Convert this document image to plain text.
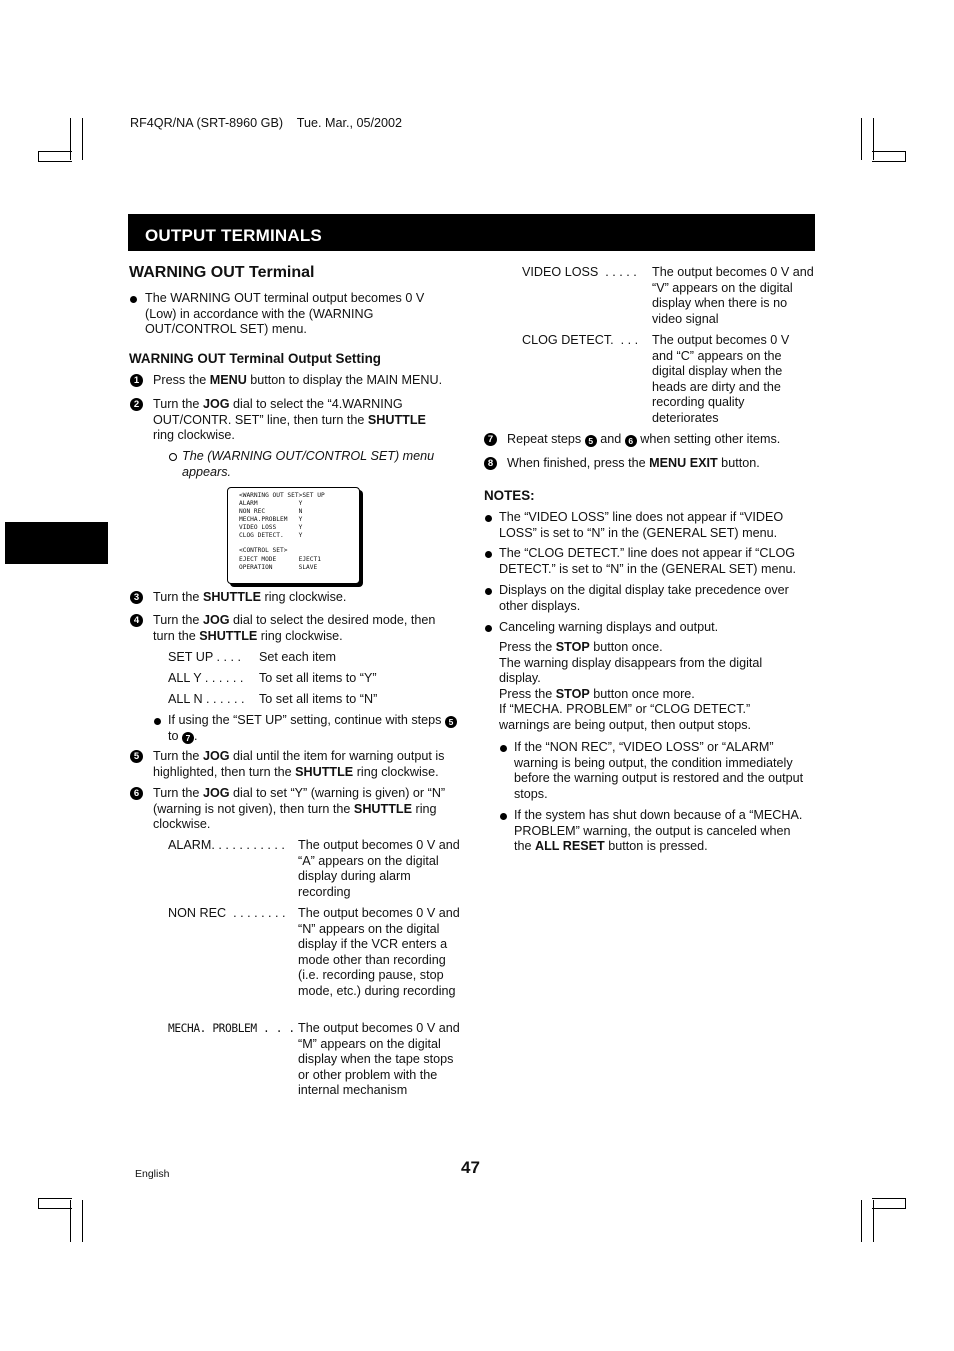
RF4QR/NA (SRT-8960 GB)    Tue. Mar., 05/2002
OUTPUT TERMINALS
WARNING OUT Terminal
The WARNING OUT terminal output becomes 0 V (Low) in accordance with the (WARNING OUT/CONTROL SET) menu.
WARNING OUT Terminal Output Setting
1	Press the MENU button to display the MAIN MENU.
2	Turn the JOG dial to select the “4.WARNING OUT/CONTR. SET” line, then turn the SHUTTLE ring clockwise.
The (WARNING OUT/CONTROL SET) menu appears.
<WARNING OUT SET>SET UP
ALARM           Y
NON REC         N
MECHA.PROBLEM   Y
VIDEO LOSS      Y
CLOG DETECT.    Y
<CONTROL SET>
EJECT MODE      EJECT1
OPERATION       SLAVE
3	Turn the SHUTTLE ring clockwise.
4	Turn the JOG dial to select the desired mode, then turn the SHUTTLE ring clockwise.
SET UP . . . . Set each item
ALL Y . . . . . . To set all items to “Y”
ALL N . . . . . . To set all items to “N”
If using the “SET UP” setting, continue with steps 5 to 7 .
5	Turn the JOG dial until the item for warning output is highlighted, then turn the SHUTTLE ring clockwise.
6	Turn the JOG dial to set “Y” (warning is given) or “N” (warning is not given), then turn the SHUTTLE ring clockwise.
ALARM. . . . . . . . . . . The output becomes 0 V and “A” appears on the digital display during alarm recording
NON REC  . . . . . . . . The output becomes 0 V and “N” appears on the digital display if the VCR enters a mode other than recording (i.e. recording pause, stop mode, etc.) during recording
MECHA. PROBLEM . . . The output becomes 0 V and “M” appears on the digital display when the tape stops or other problem with the internal mechanism
VIDEO LOSS  . . . . . The output becomes 0 V and “V” appears on the digital display when there is no video signal
CLOG DETECT.  . . . The output becomes 0 V and “C” appears on the digital display when the heads are dirty and the recording quality deteriorates
7	Repeat steps 5 and 6 when setting other items.
8	When finished, press the MENU EXIT button.
NOTES:
The “VIDEO LOSS” line does not appear if “VIDEO LOSS” is set to “N” in the (GENERAL SET) menu.
The “CLOG DETECT.” line does not appear if “CLOG DETECT.” is set to “N” in the (GENERAL SET) menu.
Displays on the digital display take precedence over other displays.
Canceling warning displays and output.
Press the STOP button once.
The warning display disappears from the digital display.
Press the STOP button once more.
If “MECHA. PROBLEM” or “CLOG DETECT.” warnings are being output, then output stops.
If the “NON REC”, “VIDEO LOSS” or “ALARM” warning is being output, the condition immediately before the warning output is restored and the output stops.
If the system has shut down because of a “MECHA. PROBLEM” warning, the output is canceled when the ALL RESET button is pressed.
English	47
